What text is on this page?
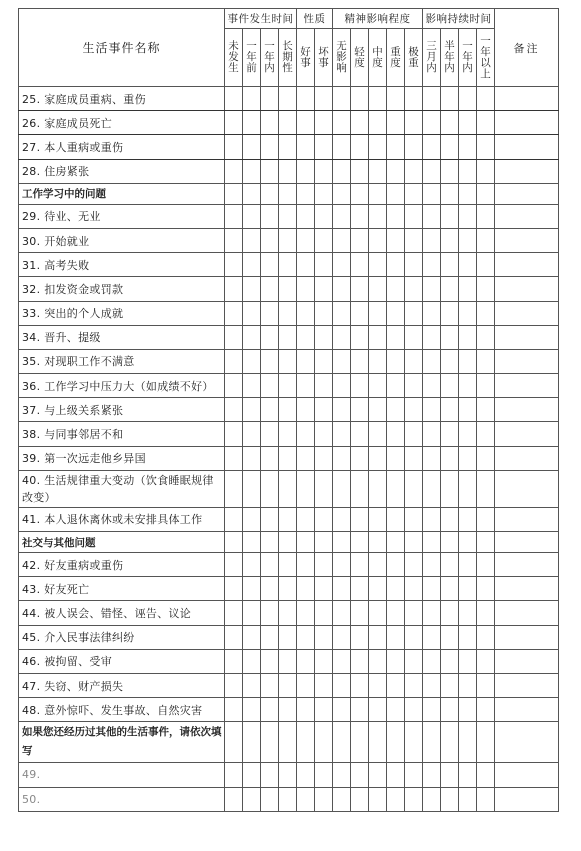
生活事件名称	事件发生时间				性质		精神影响程度					影响持续时间				备注
	未发生	一年前	一年内	长期性	好事	坏事	无影响	轻度	中度	重度	极重	三月内	半年内	一年内	一年以上	
25. 家庭成员重病、重伤																
26. 家庭成员死亡																
27. 本人重病或重伤																
28. 住房紧张																
工作学习中的问题																
29. 待业、无业																
30. 开始就业																
31. 高考失败																
32. 扣发资金或罚款																
33. 突出的个人成就																
34. 晋升、提级																
35. 对现职工作不满意																
36. 工作学习中压力大（如成绩不好）																
37. 与上级关系紧张																
38. 与同事邻居不和																
39. 第一次远走他乡异国																
40. 生活规律重大变动（饮食睡眠规律改变）																
41. 本人退休离休或未安排具体工作																
社交与其他问题																
42. 好友重病或重伤																
43. 好友死亡																
44. 被人误会、错怪、诬告、议论																
45. 介入民事法律纠纷																
46. 被拘留、受审																
47. 失窃、财产损失																
48. 意外惊吓、发生事故、自然灾害																
如果您还经历过其他的生活事件，请依次填写																
49.																
50.																
